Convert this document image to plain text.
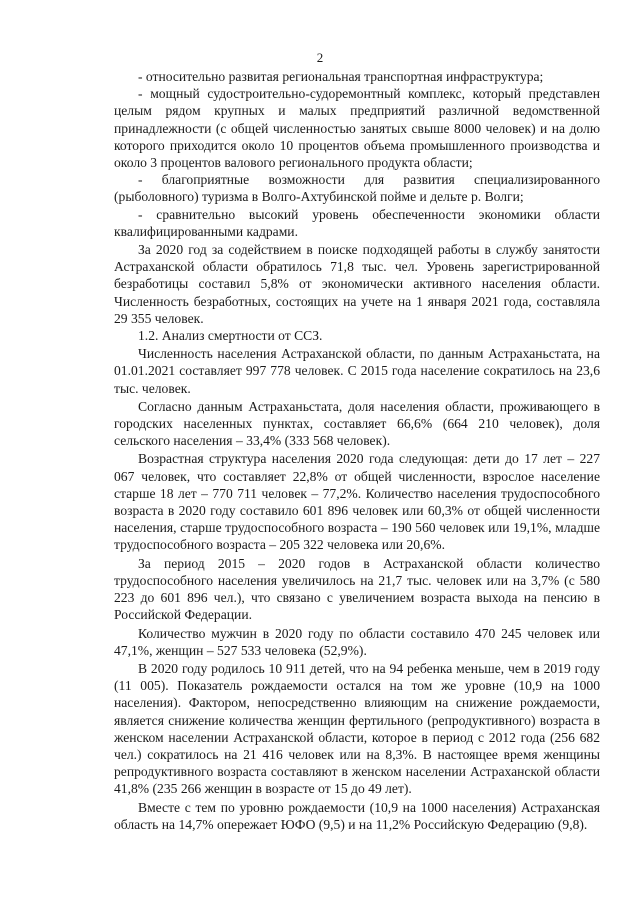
2

- относительно развитая региональная транспортная инфраструктура;

- мощный судостроительно-судоремонтный комплекс, который представлен целым рядом крупных и малых предприятий различной ведомственной принадлежности (с общей численностью занятых свыше 8000 человек) и на долю которого приходится около 10 процентов объема промышленного производства и около 3 процентов валового регионального продукта области;

- благоприятные возможности для развития специализированного (рыболовного) туризма в Волго-Ахтубинской пойме и дельте р. Волги;

- сравнительно высокий уровень обеспеченности экономики области квалифицированными кадрами.

За 2020 год за содействием в поиске подходящей работы в службу занятости Астраханской области обратилось 71,8 тыс. чел. Уровень зарегистрированной безработицы составил 5,8% от экономически активного населения области. Численность безработных, состоящих на учете на 1 января 2021 года, составляла 29 355 человек.

1.2. Анализ смертности от ССЗ.

Численность населения Астраханской области, по данным Астраханьстата, на 01.01.2021 составляет 997 778 человек. С 2015 года население сократилось на 23,6 тыс. человек.

Согласно данным Астраханьстата, доля населения области, проживающего в городских населенных пунктах, составляет 66,6% (664 210 человек), доля сельского населения – 33,4% (333 568 человек).

Возрастная структура населения 2020 года следующая: дети до 17 лет – 227 067 человек, что составляет 22,8% от общей численности, взрослое население старше 18 лет – 770 711 человек – 77,2%. Количество населения трудоспособного возраста в 2020 году составило 601 896 человек или 60,3% от общей численности населения, старше трудоспособного возраста – 190 560 человек или 19,1%, младше трудоспособного возраста – 205 322 человека или 20,6%.

За период 2015 – 2020 годов в Астраханской области количество трудоспособного населения увеличилось на 21,7 тыс. человек или на 3,7% (с 580 223 до 601 896 чел.), что связано с увеличением возраста выхода на пенсию в Российской Федерации.

Количество мужчин в 2020 году по области составило 470 245 человек или 47,1%, женщин – 527 533 человека (52,9%).

В 2020 году родилось 10 911 детей, что на 94 ребенка меньше, чем в 2019 году (11 005). Показатель рождаемости остался на том же уровне (10,9 на 1000 населения). Фактором, непосредственно влияющим на снижение рождаемости, является снижение количества женщин фертильного (репродуктивного) возраста в женском населении Астраханской области, которое в период с 2012 года (256 682 чел.) сократилось на 21 416 человек или на 8,3%. В настоящее время женщины репродуктивного возраста составляют в женском населении Астраханской области 41,8% (235 266 женщин в возрасте от 15 до 49 лет).

Вместе с тем по уровню рождаемости (10,9 на 1000 населения) Астраханская область на 14,7% опережает ЮФО (9,5) и на 11,2% Российскую Федерацию (9,8).
